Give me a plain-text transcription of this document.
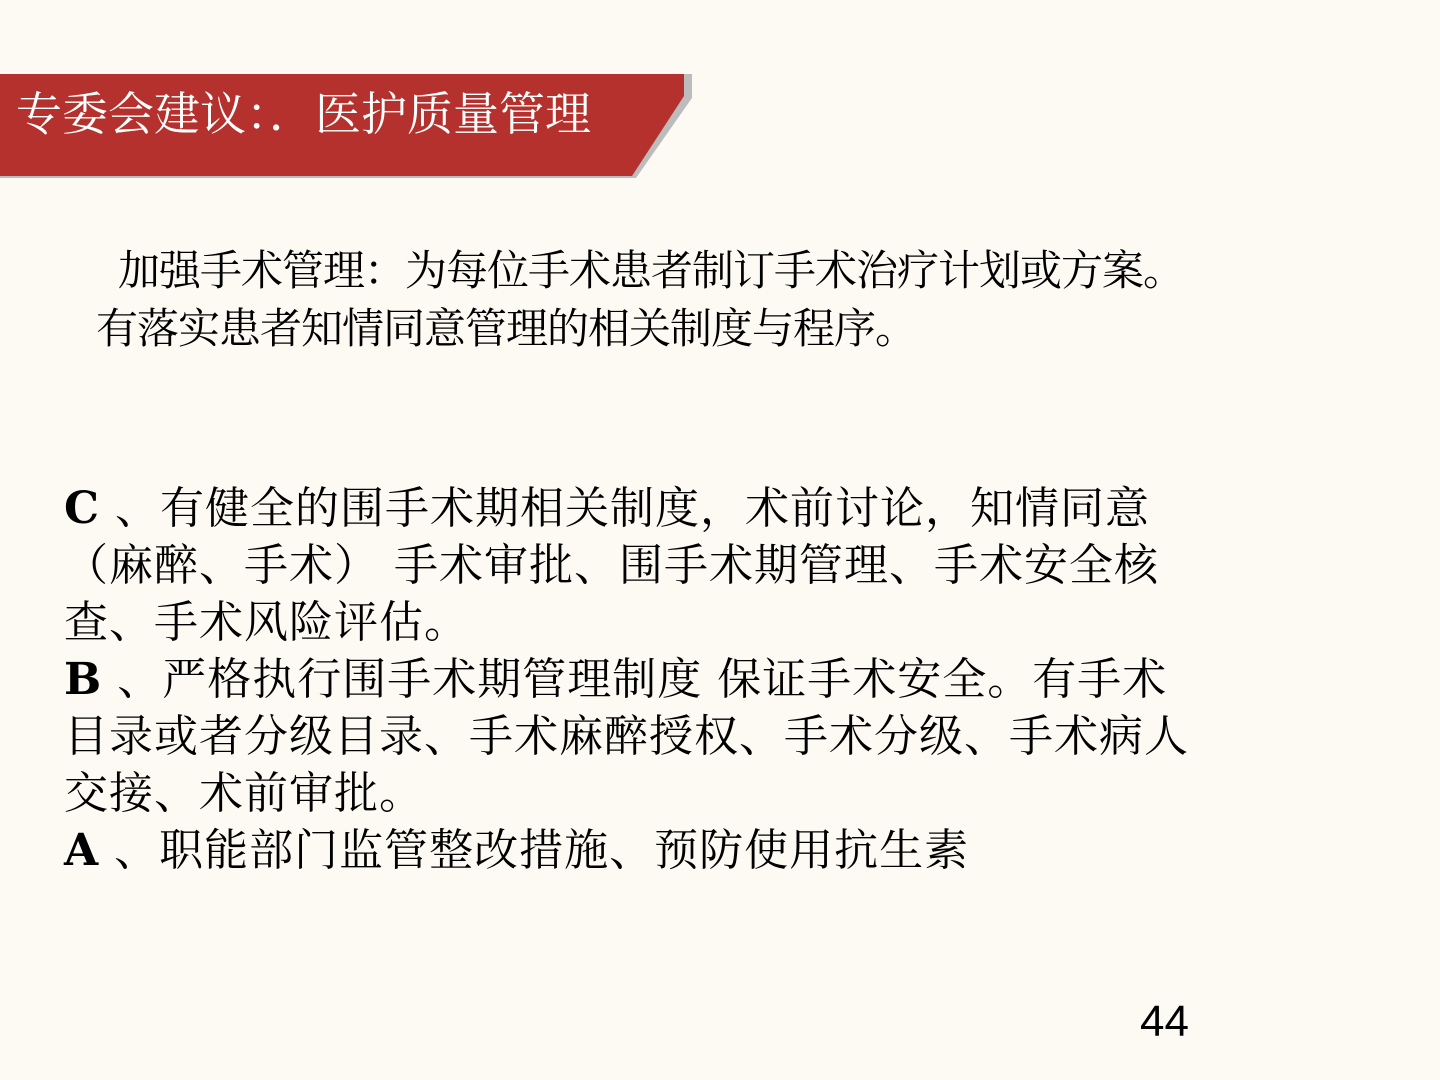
专委会建议：．医护质量管理

加强手术管理：为每位手术患者制订手术治疗计划或方案。

有落实患者知情同意管理的相关制度与程序。

C 、有健全的围手术期相关制度，术前讨论，知情同意

（麻醉、手术） 手术审批、围手术期管理、手术安全核

查、手术风险评估。

B 、严格执行围手术期管理制度 保证手术安全。有手术

目录或者分级目录、手术麻醉授权、手术分级、手术病人

交接、术前审批。

A 、职能部门监管整改措施、预防使用抗生素

44
